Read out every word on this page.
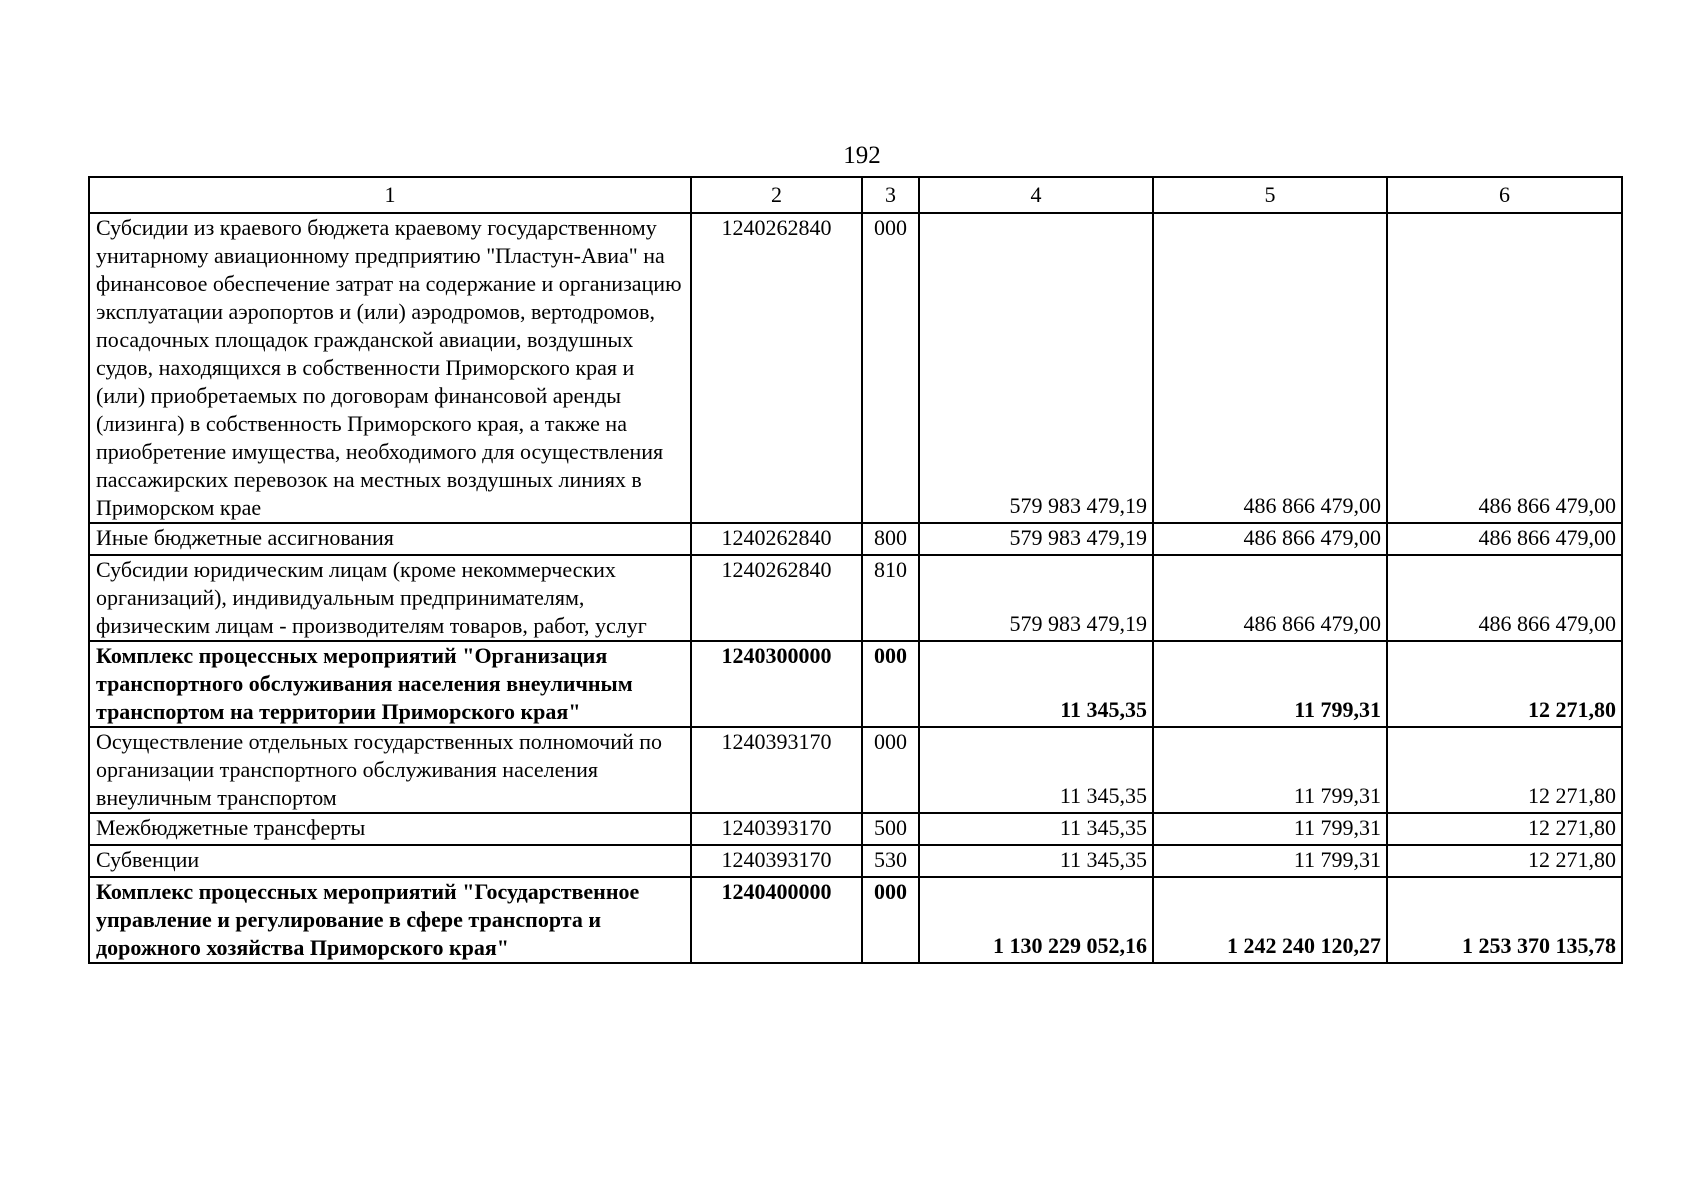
192
1	2	3	4	5	6
Субсидии из краевого бюджета краевому государственному унитарному авиационному предприятию "Пластун-Авиа" на финансовое обеспечение затрат на содержание и организацию эксплуатации аэропортов и (или) аэродромов, вертодромов, посадочных площадок гражданской авиации, воздушных судов, находящихся в собственности Приморского края и (или) приобретаемых по договорам финансовой аренды (лизинга) в собственность Приморского края, а также на приобретение имущества, необходимого для осуществления пассажирских перевозок на местных воздушных линиях в Приморском крае	1240262840	000	579 983 479,19	486 866 479,00	486 866 479,00
Иные бюджетные ассигнования	1240262840	800	579 983 479,19	486 866 479,00	486 866 479,00
Субсидии юридическим лицам (кроме некоммерческих организаций), индивидуальным предпринимателям, физическим лицам - производителям товаров, работ, услуг	1240262840	810	579 983 479,19	486 866 479,00	486 866 479,00
Комплекс процессных мероприятий "Организация транспортного обслуживания населения внеуличным транспортом на территории Приморского края"	1240300000	000	11 345,35	11 799,31	12 271,80
Осуществление отдельных государственных полномочий по организации транспортного обслуживания населения внеуличным транспортом	1240393170	000	11 345,35	11 799,31	12 271,80
Межбюджетные трансферты	1240393170	500	11 345,35	11 799,31	12 271,80
Субвенции	1240393170	530	11 345,35	11 799,31	12 271,80
Комплекс процессных мероприятий "Государственное управление и регулирование в сфере транспорта и дорожного хозяйства Приморского края"	1240400000	000	1 130 229 052,16	1 242 240 120,27	1 253 370 135,78
